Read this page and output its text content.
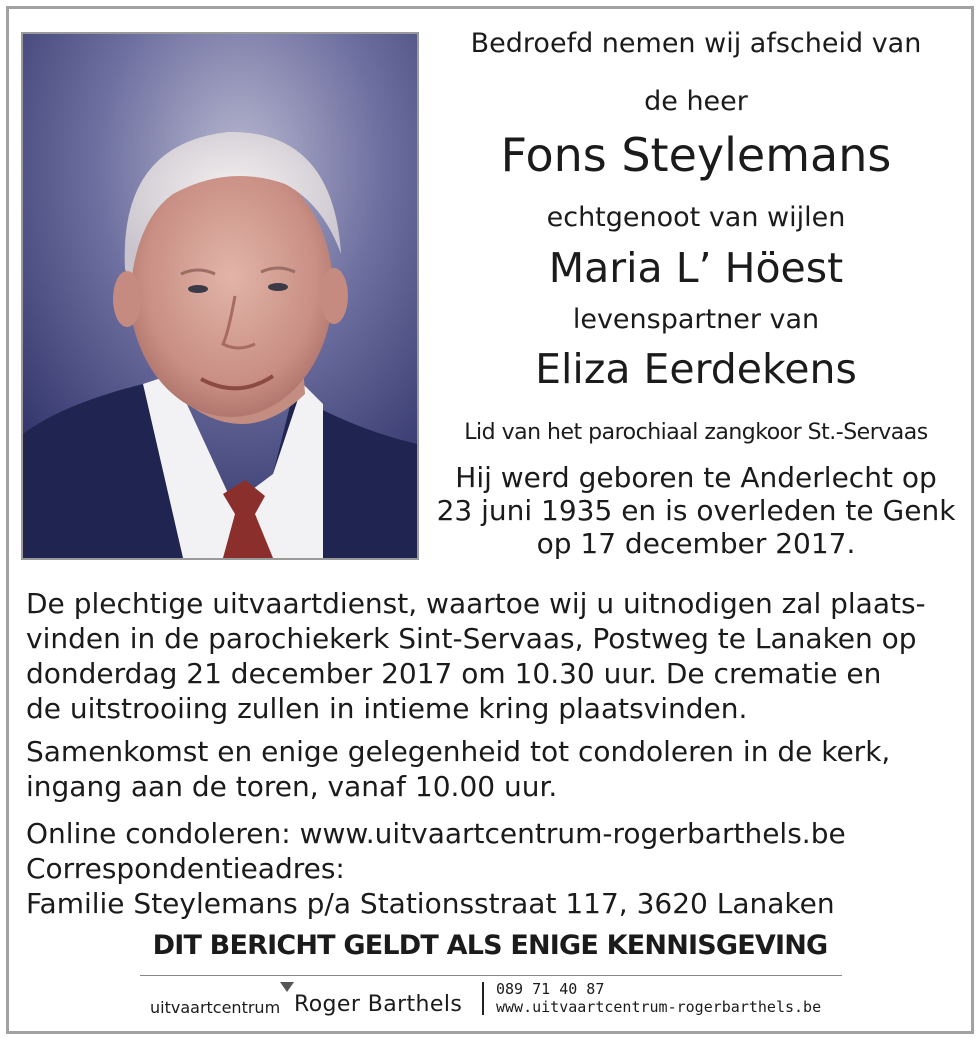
Bedroefd nemen wij afscheid van
de heer
Fons Steylemans
echtgenoot van wijlen
Maria L’ Höest
levenspartner van
Eliza Eerdekens
Lid van het parochiaal zangkoor St.-Servaas
Hij werd geboren te Anderlecht op
23 juni 1935 en is overleden te Genk
op 17 december 2017.

De plechtige uitvaartdienst, waartoe wij u uitnodigen zal plaats-

vinden in de parochiekerk Sint-Servaas, Postweg te Lanaken op

donderdag 21 december 2017 om 10.30 uur. De crematie en

de uitstrooiing zullen in intieme kring plaatsvinden.

Samenkomst en enige gelegenheid tot condoleren in de kerk,

ingang aan de toren, vanaf 10.00 uur.

Online condoleren: www.uitvaartcentrum-rogerbarthels.be

Correspondentieadres:

Familie Steylemans p/a Stationsstraat 117, 3620 Lanaken

DIT BERICHT GELDT ALS ENIGE KENNISGEVING
uitvaartcentrum Roger Barthels
089 71 40 87
www.uitvaartcentrum-rogerbarthels.be
